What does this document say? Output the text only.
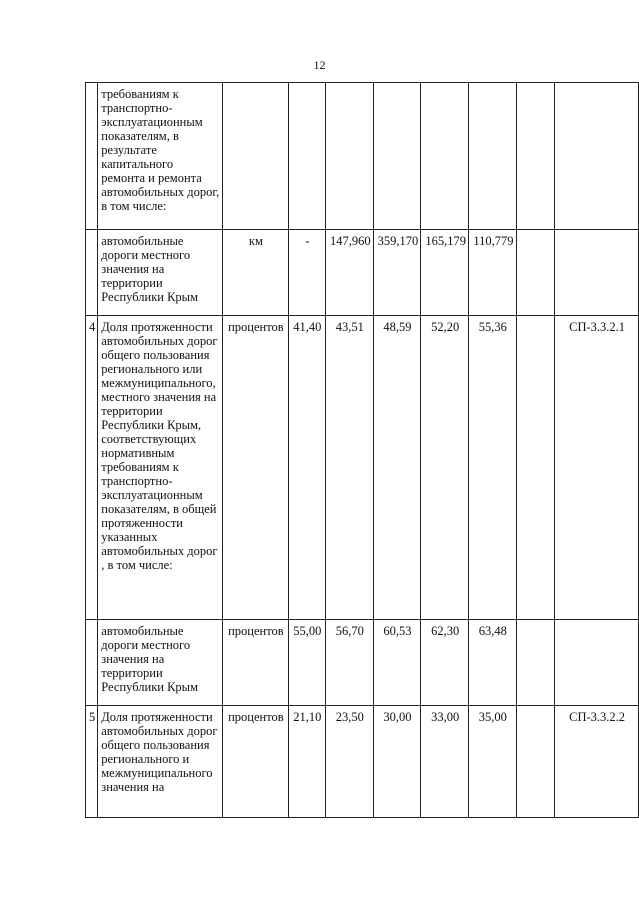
12
	требованиям к транспортно-эксплуатационным показателям, в результате капитального ремонта и ремонта автомобильных дорог, в том числе:								
	автомобильные дороги местного значения на территории Республики Крым	км	-	147,960	359,170	165,179	110,779		
4	Доля протяженности автомобильных дорог общего пользования регионального или межмуниципального, местного значения на территории Республики Крым, соответствующих нормативным требованиям к транспортно-эксплуатационным показателям, в общей протяженности указанных автомобильных дорог , в том числе:	процентов	41,40	43,51	48,59	52,20	55,36		СП-3.3.2.1
	автомобильные дороги местного значения на территории Республики Крым	процентов	55,00	56,70	60,53	62,30	63,48		
5	Доля протяженности автомобильных дорог общего пользования регионального и межмуниципального значения на	процентов	21,10	23,50	30,00	33,00	35,00		СП-3.3.2.2
